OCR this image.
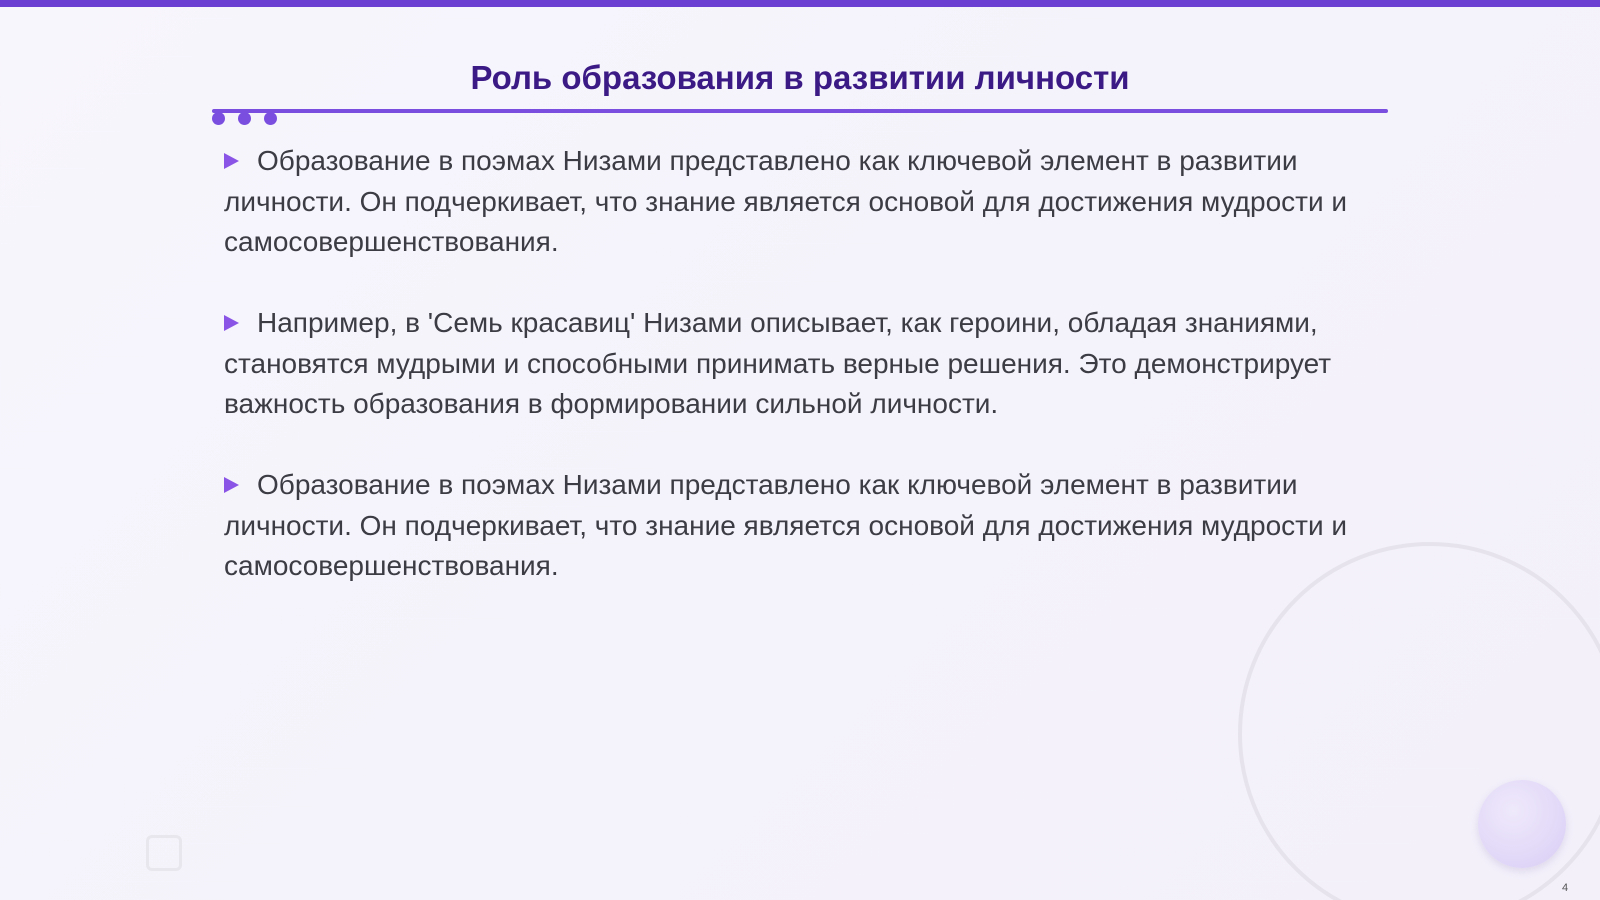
Роль образования в развитии личности
Образование в поэмах Низами представлено как ключевой элемент в развитии личности. Он подчеркивает, что знание является основой для достижения мудрости и самосовершенствования.
Например, в 'Семь красавиц' Низами описывает, как героини, обладая знаниями, становятся мудрыми и способными принимать верные решения. Это демонстрирует важность образования в формировании сильной личности.
Образование в поэмах Низами представлено как ключевой элемент в развитии личности. Он подчеркивает, что знание является основой для достижения мудрости и самосовершенствования.
4
